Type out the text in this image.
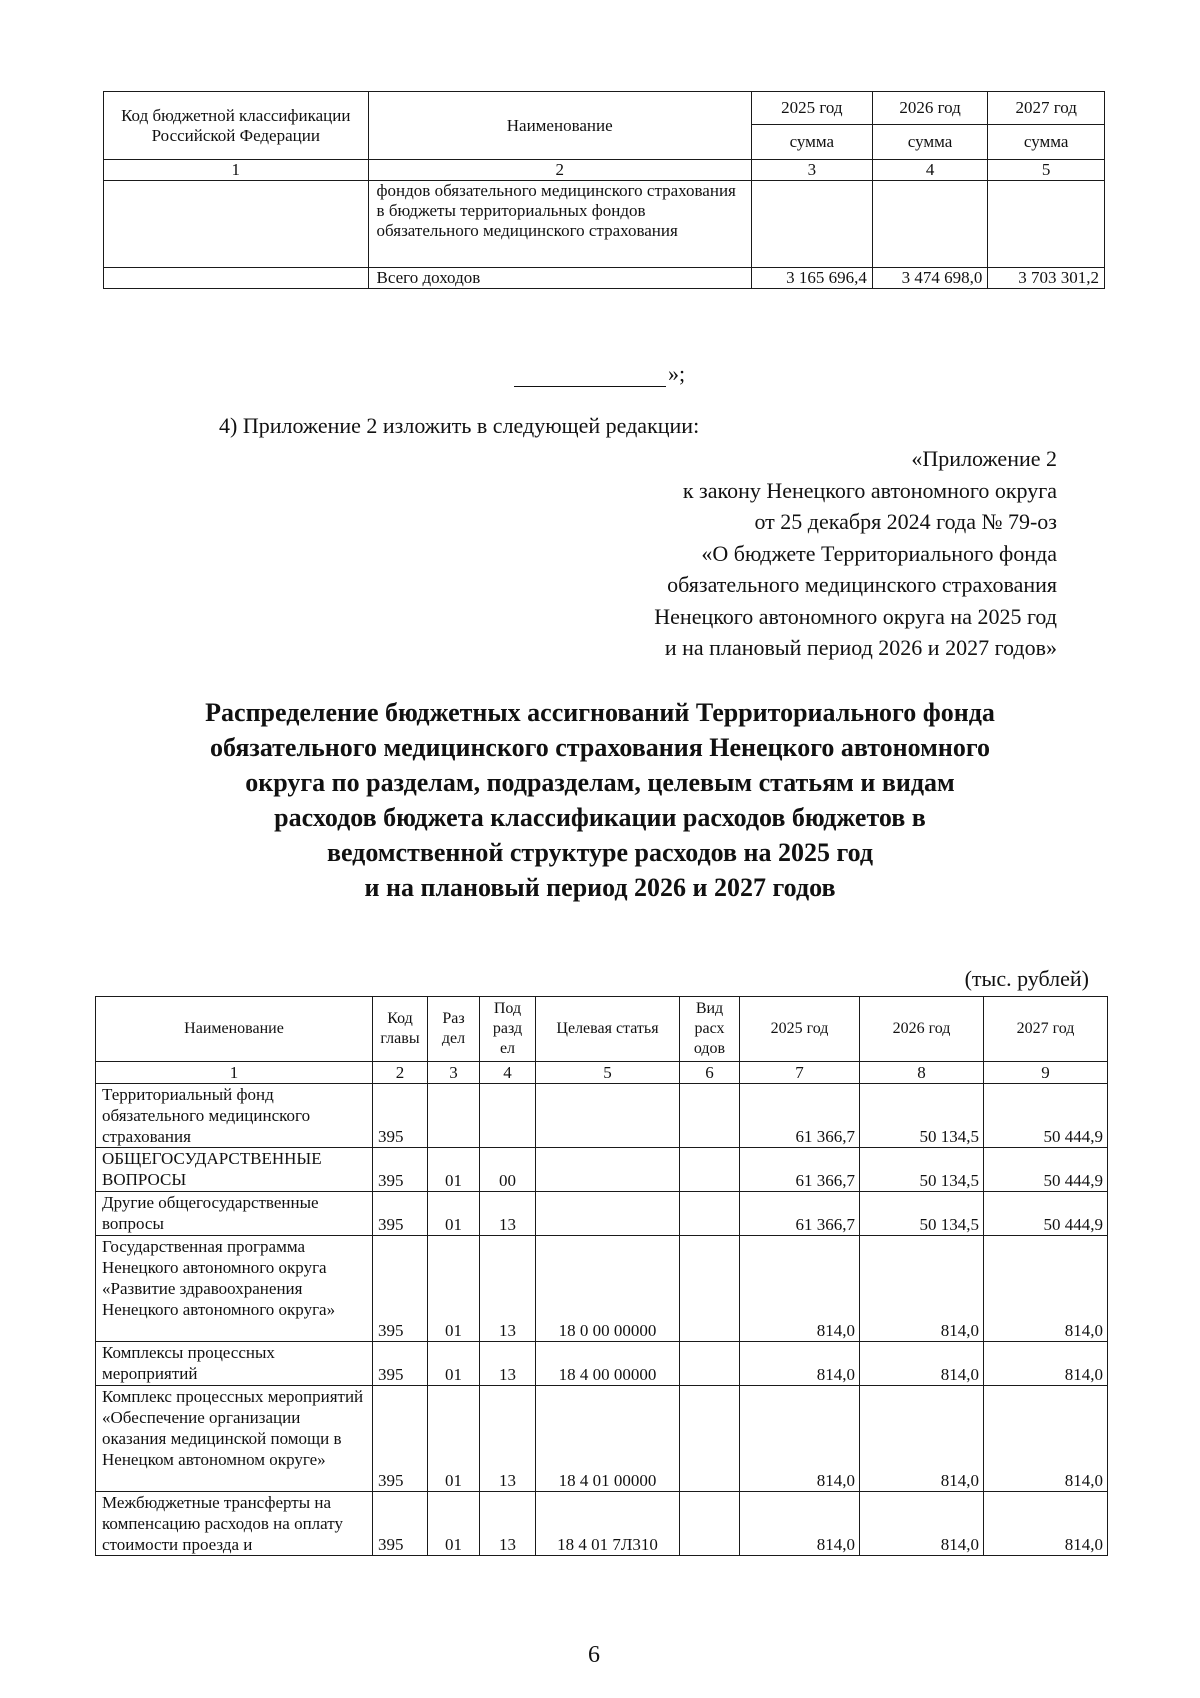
Код бюджетной классификации Российской Федерации	Наименование	2025 год	2026 год	2027 год
		сумма	сумма	сумма
1	2	3	4	5
	фондов обязательного медицинского страхования в бюджеты территориальных фондов обязательного медицинского страхования			
	Всего доходов	3 165 696,4	3 474 698,0	3 703 301,2
»;
4) Приложение 2 изложить в следующей редакции:
«Приложение 2
к закону Ненецкого автономного округа
от 25 декабря 2024 года № 79-оз
«О бюджете Территориального фонда
обязательного медицинского страхования
Ненецкого автономного округа на 2025 год
и на плановый период 2026 и 2027 годов»
Распределение бюджетных ассигнований Территориального фонда
обязательного медицинского страхования Ненецкого автономного
округа по разделам, подразделам, целевым статьям и видам
расходов бюджета классификации расходов бюджетов в
ведомственной структуре расходов на 2025 год
и на плановый период 2026 и 2027 годов
(тыс. рублей)
Наименование	Код главы	Раз дел	Под разд ел	Целевая статья	Вид расх одов	2025 год	2026 год	2027 год
1	2	3	4	5	6	7	8	9
Территориальный фонд обязательного медицинского страхования	395					61 366,7	50 134,5	50 444,9
ОБЩЕГОСУДАРСТВЕННЫЕ ВОПРОСЫ	395	01	00			61 366,7	50 134,5	50 444,9
Другие общегосударственные вопросы	395	01	13			61 366,7	50 134,5	50 444,9
Государственная программа Ненецкого автономного округа «Развитие здравоохранения Ненецкого автономного округа»	395	01	13	18 0 00 00000		814,0	814,0	814,0
Комплексы процессных мероприятий	395	01	13	18 4 00 00000		814,0	814,0	814,0
Комплекс процессных мероприятий «Обеспечение организации оказания медицинской помощи в Ненецком автономном округе»	395	01	13	18 4 01 00000		814,0	814,0	814,0
Межбюджетные трансферты на компенсацию расходов на оплату стоимости проезда и	395	01	13	18 4 01 7Л310		814,0	814,0	814,0
6
